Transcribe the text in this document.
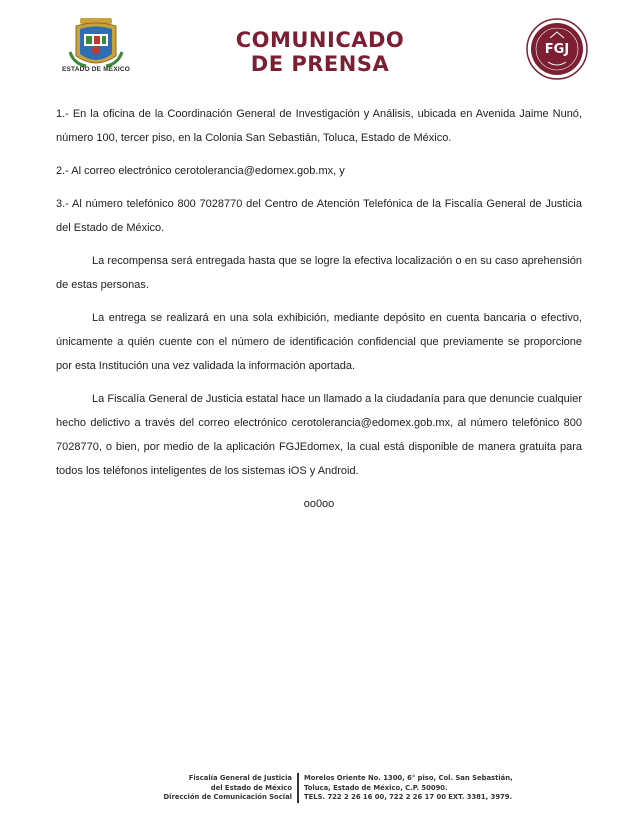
ESTADO DE MÉXICO
COMUNICADO
DE PRENSA
FGJ

1.- En la oficina de la Coordinación General de Investigación y Análisis, ubicada en Avenida Jaime Nunó, número 100, tercer piso, en la Colonia San Sebastián, Toluca, Estado de México.

2.- Al correo electrónico cerotolerancia@edomex.gob.mx, y

3.- Al número telefónico 800 7028770 del Centro de Atención Telefónica de la Fiscalía General de Justicia del Estado de México.

La recompensa será entregada hasta que se logre la efectiva localización o en su caso aprehensión de estas personas.

La entrega se realizará en una sola exhibición, mediante depósito en cuenta bancaria o efectivo, únicamente a quién cuente con el número de identificación confidencial que previamente se proporcione por esta Institución una vez validada la información aportada.

La Fiscalía General de Justicia estatal hace un llamado a la ciudadanía para que denuncie cualquier hecho delictivo a través del correo electrónico cerotolerancia@edomex.gob.mx, al número telefónico 800 7028770, o bien, por medio de la aplicación FGJEdomex, la cual está disponible de manera gratuita para todos los teléfonos inteligentes de los sistemas iOS y Android.

oo0oo

Fiscalía General de Justicia
del Estado de México
Dirección de Comunicación Social
Morelos Oriente No. 1300, 6° piso, Col. San Sebastián,
Toluca, Estado de México, C.P. 50090.
TELS. 722 2 26 16 00, 722 2 26 17 00 EXT. 3381, 3979.
